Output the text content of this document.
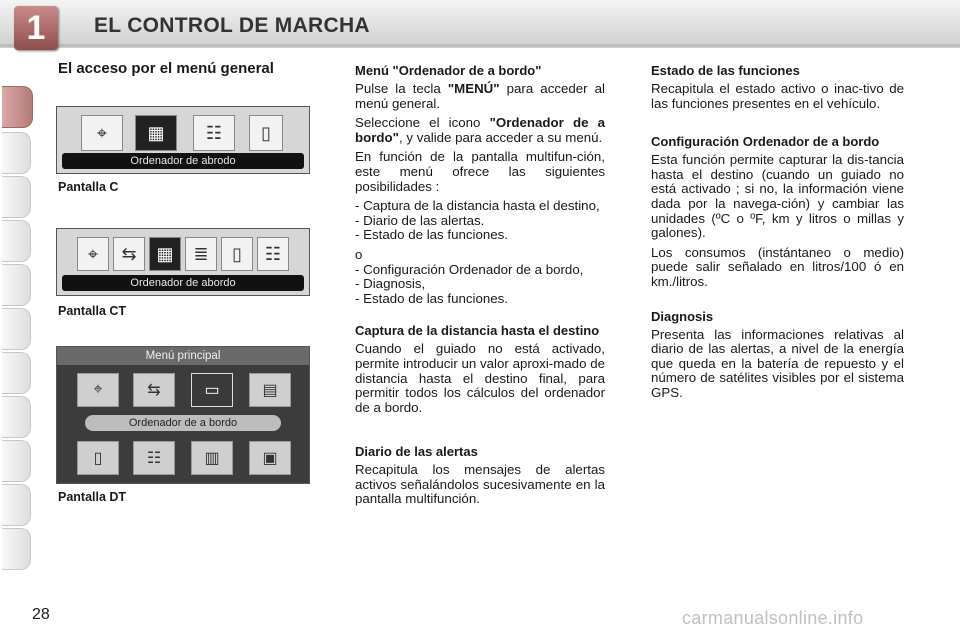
1	EL CONTROL DE MARCHA
El acceso por el menú general
⌖	▦	☷	▯
Ordenador de abrodo
Pantalla C
⌖	⇆	▦	≣	▯	☷
Ordenador de abordo
Pantalla CT
Menú principal
⌖	⇆	▭	▤
Ordenador de a bordo
▯	☷	▥	▣
Pantalla DT
Menú "Ordenador de a bordo"

Pulse la tecla "MENÚ" para acceder al menú general.

Seleccione el icono "Ordenador de a bordo", y valide para acceder a su menú.

En función de la pantalla multifun-ción, este menú ofrece las siguientes posibilidades :

- Captura de la distancia hasta el destino,
- Diario de las alertas.
- Estado de las funciones.
o
- Configuración Ordenador de a bordo,
- Diagnosis,
- Estado de las funciones.
Captura de la distancia hasta el destino

Cuando el guiado no está activado, permite introducir un valor aproxi-mado de distancia hasta el destino final, para permitir todos los cálculos del ordenador de a bordo.

Diario de las alertas

Recapitula los mensajes de alertas activos señalándolos sucesivamente en la pantalla multifunción.

Estado de las funciones

Recapitula el estado activo o inac-tivo de las funciones presentes en el vehículo.

Configuración Ordenador de a bordo

Esta función permite capturar la dis-tancia hasta el destino (cuando un guiado no está activado ; si no, la información viene dada por la navega-ción) y cambiar las unidades (ºC o ºF, km y litros o millas y galones).

Los consumos (instántaneo o medio) puede salir señalado en litros/100 ó en km./litros.

Diagnosis

Presenta las informaciones relativas al diario de las alertas, a nivel de la energía que queda en la batería de repuesto y el número de satélites visibles por el sistema GPS.

28	carmanualsonline.info
